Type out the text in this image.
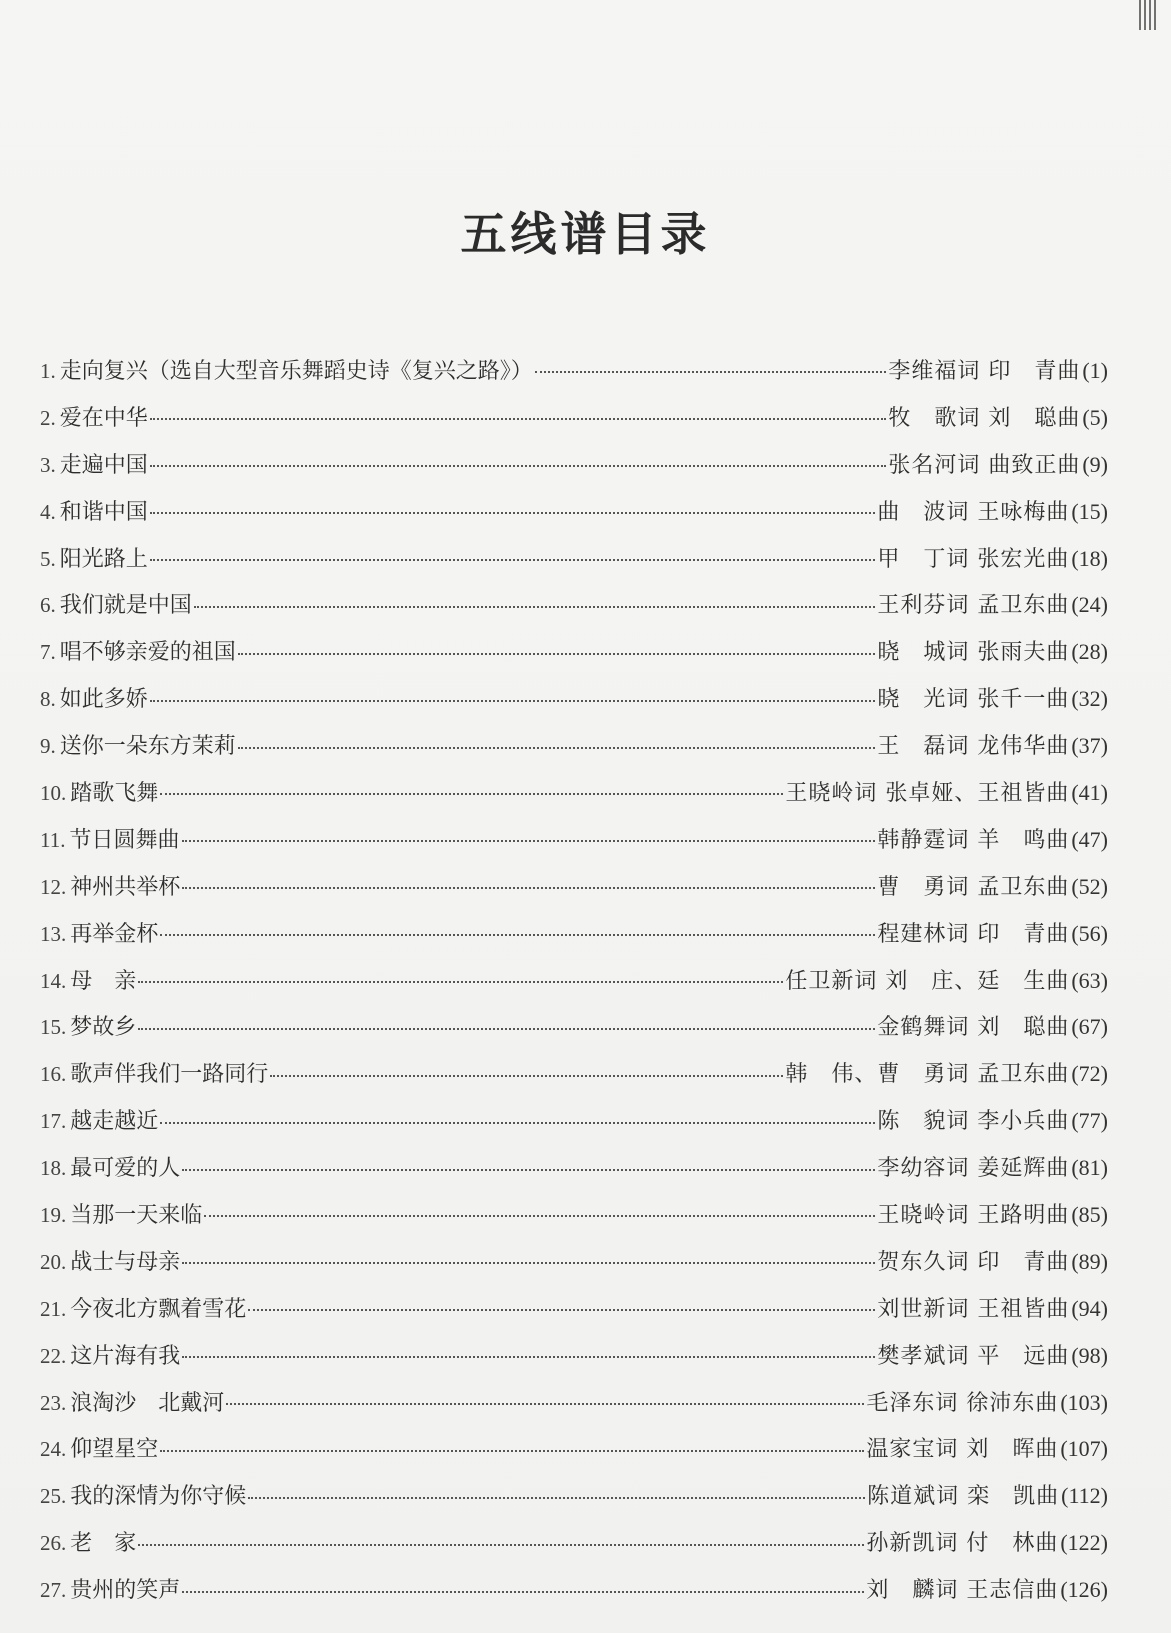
五线谱目录
1. 走向复兴（选自大型音乐舞蹈史诗《复兴之路》）	李维福词 印　青曲 (1)
2. 爱在中华	牧　歌词 刘　聪曲 (5)
3. 走遍中国	张名河词 曲致正曲 (9)
4. 和谐中国	曲　波词 王咏梅曲 (15)
5. 阳光路上	甲　丁词 张宏光曲 (18)
6. 我们就是中国	王利芬词 孟卫东曲 (24)
7. 唱不够亲爱的祖国	晓　城词 张雨夫曲 (28)
8. 如此多娇	晓　光词 张千一曲 (32)
9. 送你一朵东方茉莉	王　磊词 龙伟华曲 (37)
10. 踏歌飞舞	王晓岭词 张卓娅、王祖皆曲 (41)
11. 节日圆舞曲	韩静霆词 羊　鸣曲 (47)
12. 神州共举杯	曹　勇词 孟卫东曲 (52)
13. 再举金杯	程建林词 印　青曲 (56)
14. 母　亲	任卫新词 刘　庄、廷　生曲 (63)
15. 梦故乡	金鹤舞词 刘　聪曲 (67)
16. 歌声伴我们一路同行	韩　伟、曹　勇词 孟卫东曲 (72)
17. 越走越近	陈　貌词 李小兵曲 (77)
18. 最可爱的人	李幼容词 姜延辉曲 (81)
19. 当那一天来临	王晓岭词 王路明曲 (85)
20. 战士与母亲	贺东久词 印　青曲 (89)
21. 今夜北方飘着雪花	刘世新词 王祖皆曲 (94)
22. 这片海有我	樊孝斌词 平　远曲 (98)
23. 浪淘沙　北戴河	毛泽东词 徐沛东曲 (103)
24. 仰望星空	温家宝词 刘　晖曲 (107)
25. 我的深情为你守候	陈道斌词 栾　凯曲 (112)
26. 老　家	孙新凯词 付　林曲 (122)
27. 贵州的笑声	刘　麟词 王志信曲 (126)
